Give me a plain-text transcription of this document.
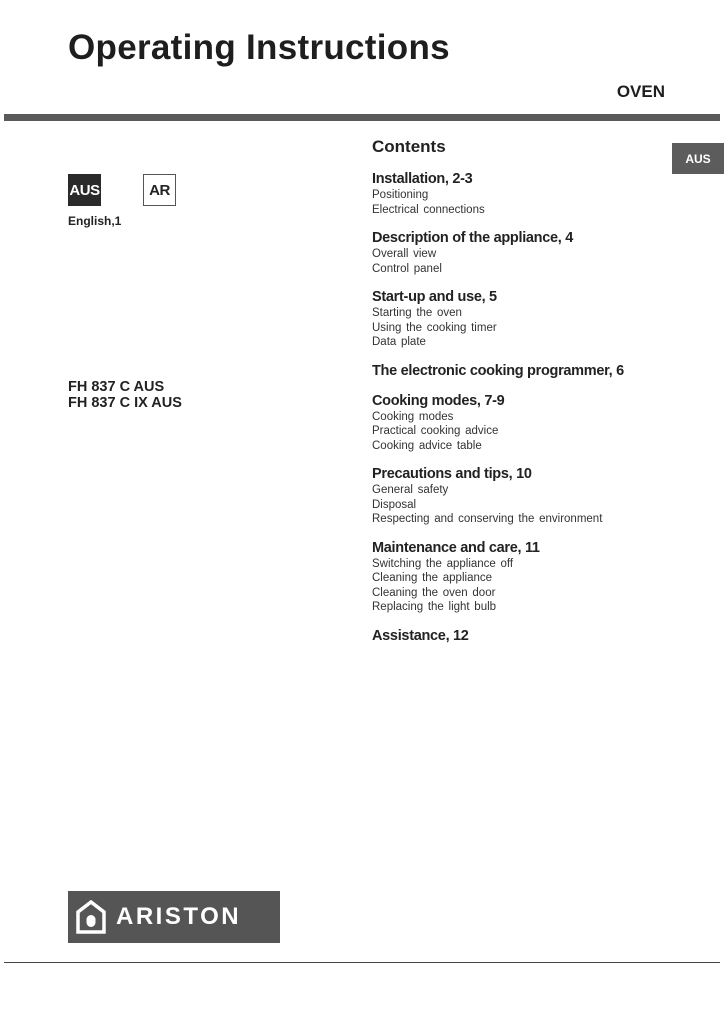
Operating Instructions
OVEN
AUS
AUS	AR
English,1
FH 837 C AUS
FH 837 C IX AUS
Contents
Installation, 2-3
Positioning
Electrical connections
Description of the appliance, 4
Overall view
Control panel
Start-up and use, 5
Starting the oven
Using the cooking timer
Data plate
The electronic cooking programmer, 6
Cooking modes, 7-9
Cooking modes
Practical cooking advice
Cooking advice table
Precautions and tips, 10
General safety
Disposal
Respecting and conserving the environment
Maintenance and care, 11
Switching the appliance off
Cleaning the appliance
Cleaning the oven door
Replacing the light bulb
Assistance, 12
ARISTON
